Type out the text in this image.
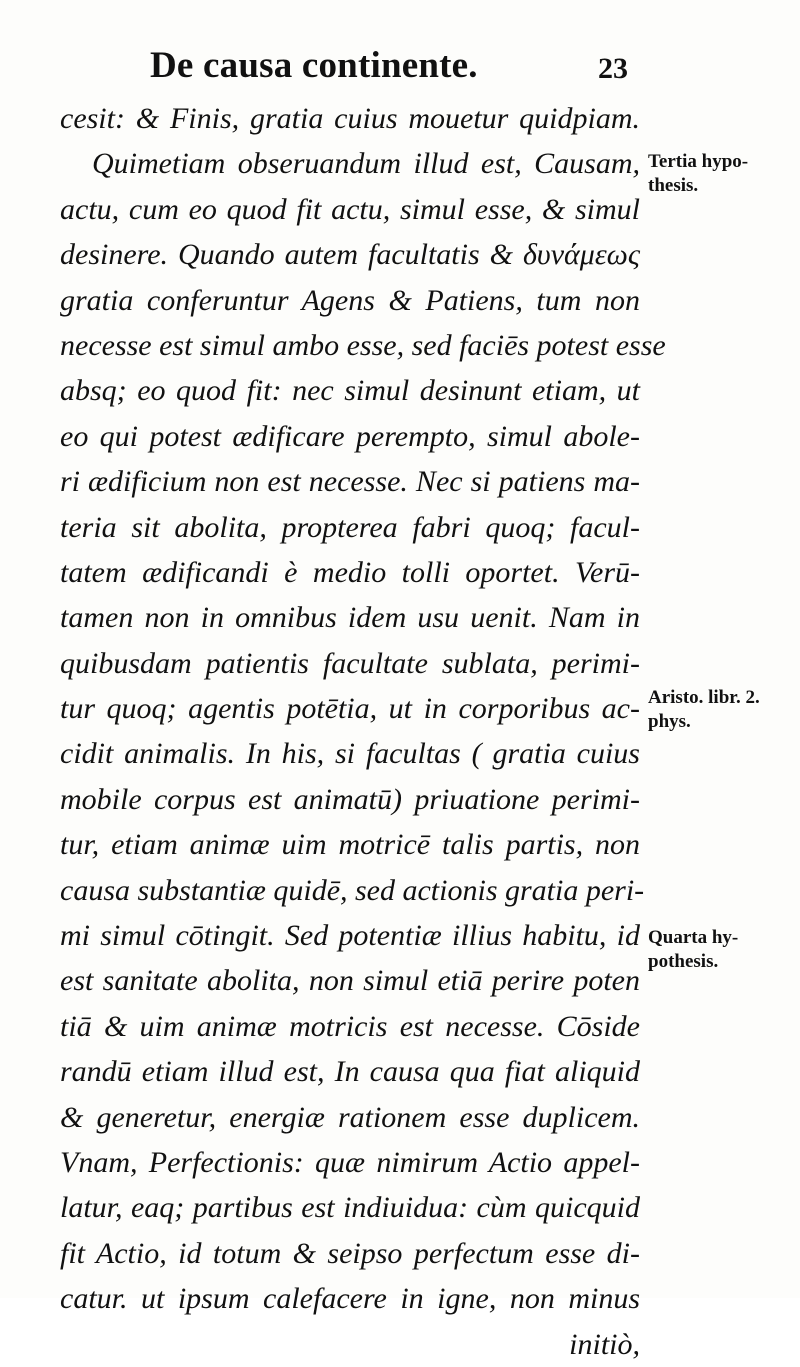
De causa continente.	23
cesit: & Finis, gratia cuius mouetur quidpiam.
Quimetiam obseruandum illud est, Causam,
actu, cum eo quod fit actu, simul esse, & simul
desinere. Quando autem facultatis & δυνάμεως
gratia conferuntur Agens & Patiens, tum non
necesse est simul ambo esse, sed faciēs potest esse
absq; eo quod fit: nec simul desinunt etiam, ut
eo qui potest ædificare perempto, simul abole-
ri ædificium non est necesse. Nec si patiens ma-
teria sit abolita, propterea fabri quoq; facul-
tatem ædificandi è medio tolli oportet. Verū-
tamen non in omnibus idem usu uenit. Nam in
quibusdam patientis facultate sublata, perimi-
tur quoq; agentis potētia, ut in corporibus ac-
cidit animalis. In his, si facultas ( gratia cuius
mobile corpus est animatū) priuatione perimi-
tur, etiam animæ uim motricē talis partis, non
causa substantiæ quidē, sed actionis gratia peri-
mi simul cōtingit. Sed potentiæ illius habitu, id
est sanitate abolita, non simul etiā perire poten
tiā & uim animæ motricis est necesse. Cōside
randū etiam illud est, In causa qua fiat aliquid
& generetur, energiæ rationem esse duplicem.
Vnam, Perfectionis: quæ nimirum Actio appel-
latur, eaq; partibus est indiuidua: cùm quicquid
fit Actio, id totum & seipso perfectum esse di-
catur. ut ipsum calefacere in igne, non minus
initiò,
Tertia hypo-
thesis.
Aristo. libr. 2.
phys.
Quarta hy-
pothesis.
